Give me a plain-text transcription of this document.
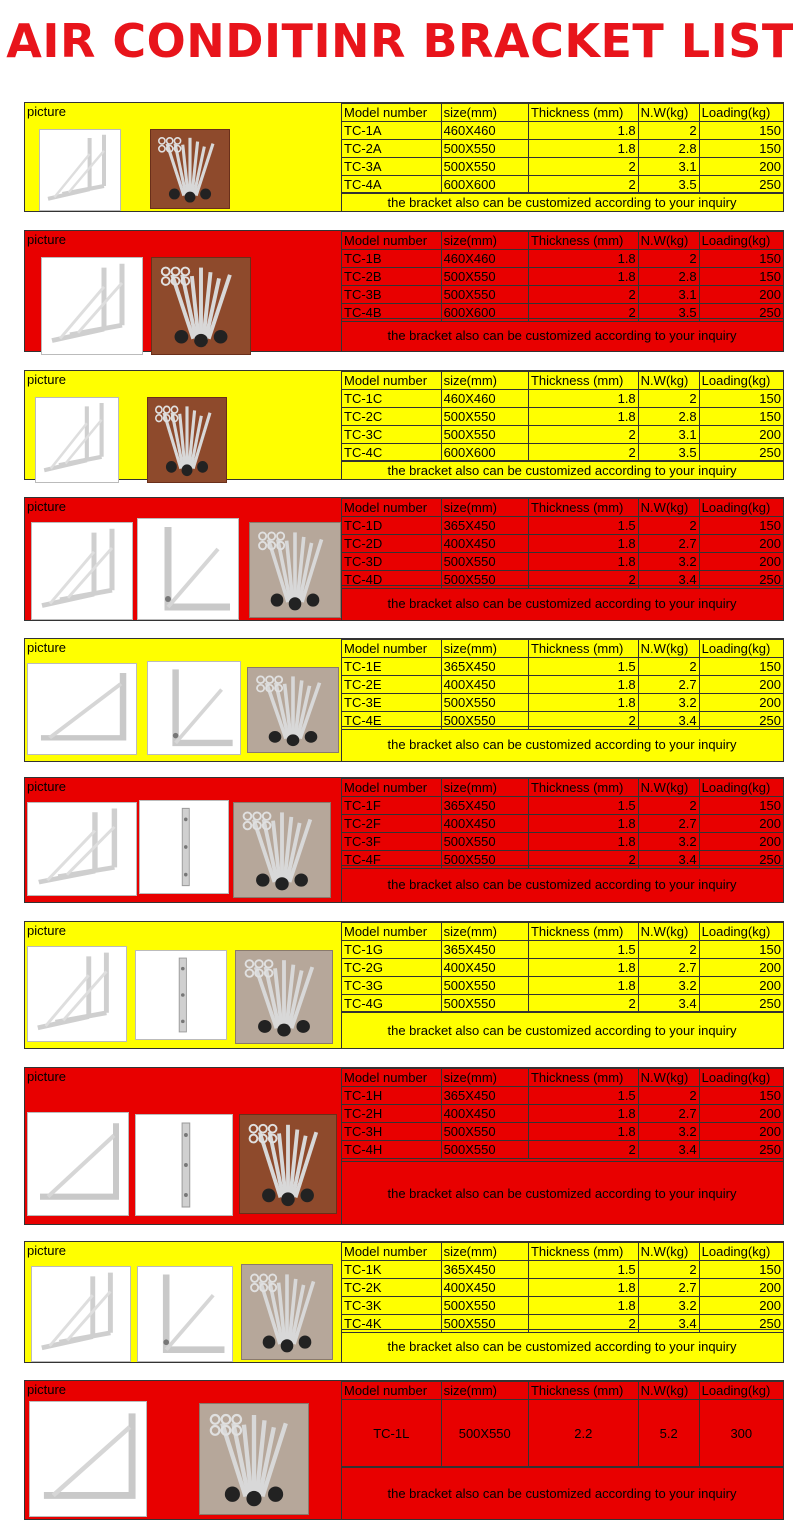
AIR CONDITINR BRACKET LIST
picture	Model number	size(mm)	Thickness (mm)	N.W(kg)	Loading(kg)
TC-1A	460X460	1.8	2	150
TC-2A	500X550	1.8	2.8	150
TC-3A	500X550	2	3.1	200
TC-4A	600X600	2	3.5	250
the bracket also can be customized according to your inquiry
picture	Model number	size(mm)	Thickness (mm)	N.W(kg)	Loading(kg)
TC-1B	460X460	1.8	2	150
TC-2B	500X550	1.8	2.8	150
TC-3B	500X550	2	3.1	200
TC-4B	600X600	2	3.5	250
the bracket also can be customized according to your inquiry
picture	Model number	size(mm)	Thickness (mm)	N.W(kg)	Loading(kg)
TC-1C	460X460	1.8	2	150
TC-2C	500X550	1.8	2.8	150
TC-3C	500X550	2	3.1	200
TC-4C	600X600	2	3.5	250
the bracket also can be customized according to your inquiry
picture	Model number	size(mm)	Thickness (mm)	N.W(kg)	Loading(kg)
TC-1D	365X450	1.5	2	150
TC-2D	400X450	1.8	2.7	200
TC-3D	500X550	1.8	3.2	200
TC-4D	500X550	2	3.4	250
the bracket also can be customized according to your inquiry
picture	Model number	size(mm)	Thickness (mm)	N.W(kg)	Loading(kg)
TC-1E	365X450	1.5	2	150
TC-2E	400X450	1.8	2.7	200
TC-3E	500X550	1.8	3.2	200
TC-4E	500X550	2	3.4	250
the bracket also can be customized according to your inquiry
picture	Model number	size(mm)	Thickness (mm)	N.W(kg)	Loading(kg)
TC-1F	365X450	1.5	2	150
TC-2F	400X450	1.8	2.7	200
TC-3F	500X550	1.8	3.2	200
TC-4F	500X550	2	3.4	250
the bracket also can be customized according to your inquiry
picture	Model number	size(mm)	Thickness (mm)	N.W(kg)	Loading(kg)
TC-1G	365X450	1.5	2	150
TC-2G	400X450	1.8	2.7	200
TC-3G	500X550	1.8	3.2	200
TC-4G	500X550	2	3.4	250
the bracket also can be customized according to your inquiry
picture	Model number	size(mm)	Thickness (mm)	N.W(kg)	Loading(kg)
TC-1H	365X450	1.5	2	150
TC-2H	400X450	1.8	2.7	200
TC-3H	500X550	1.8	3.2	200
TC-4H	500X550	2	3.4	250
the bracket also can be customized according to your inquiry
picture	Model number	size(mm)	Thickness (mm)	N.W(kg)	Loading(kg)
TC-1K	365X450	1.5	2	150
TC-2K	400X450	1.8	2.7	200
TC-3K	500X550	1.8	3.2	200
TC-4K	500X550	2	3.4	250
the bracket also can be customized according to your inquiry
picture	Model number	size(mm)	Thickness (mm)	N.W(kg)	Loading(kg)
TC-1L	500X550	2.2	5.2	300
the bracket also can be customized according to your inquiry
